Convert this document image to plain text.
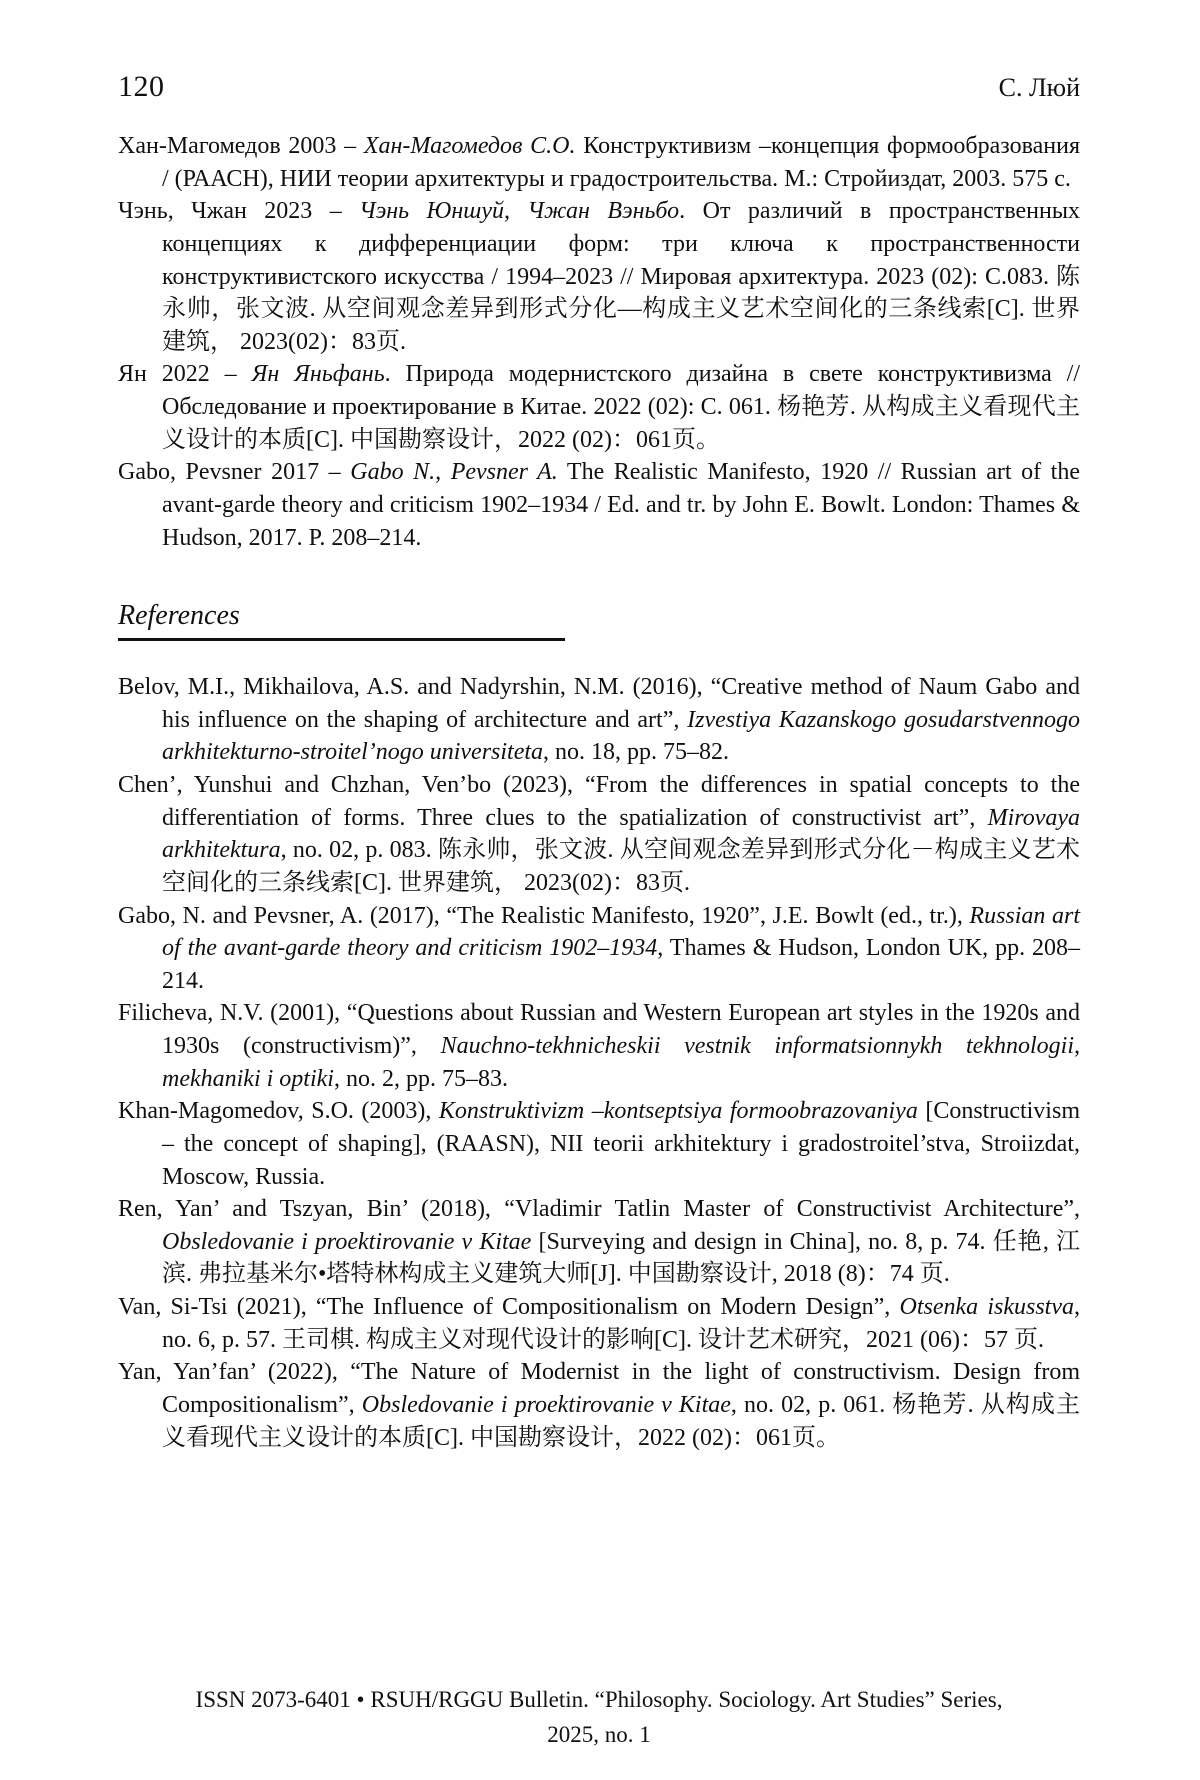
120	С. Люй

Хан-Магомедов 2003 – Хан-Магомедов С.О. Конструктивизм –концепция формообразования / (РААСН), НИИ теории архитектуры и градостроительства. М.: Стройиздат, 2003. 575 с.

Чэнь, Чжан 2023 – Чэнь Юншуй, Чжан Вэньбо. От различий в пространственных концепциях к дифференциации форм: три ключа к пространственности конструктивистского искусства / 1994–2023 // Мировая архитектура. 2023 (02): С.083. 陈永帅，张文波. 从空间观念差异到形式分化—构成主义艺术空间化的三条线索[C]. 世界建筑， 2023(02)：83页.

Ян 2022 – Ян Яньфань. Природа модернистского дизайна в свете конструктивизма // Обследование и проектирование в Китае. 2022 (02): С. 061. 杨艳芳. 从构成主义看现代主义设计的本质[C]. 中国勘察设计，2022 (02)：061页。

Gabo, Pevsner 2017 – Gabo N., Pevsner A. The Realistic Manifesto, 1920 // Russian art of the avant-garde theory and criticism 1902–1934 / Ed. and tr. by John E. Bowlt. London: Thames & Hudson, 2017. P. 208–214.

References

Belov, M.I., Mikhailova, A.S. and Nadyrshin, N.M. (2016), “Creative method of Naum Gabo and his influence on the shaping of architecture and art”, Izvestiya Kazanskogo gosudarstvennogo arkhitekturno-stroitel’nogo universiteta, no. 18, pp. 75–82.

Chen’, Yunshui and Chzhan, Ven’bo (2023), “From the differences in spatial concepts to the differentiation of forms. Three clues to the spatialization of constructivist art”, Mirovaya arkhitektura, no. 02, p. 083. 陈永帅，张文波. 从空间观念差异到形式分化－构成主义艺术空间化的三条线索[C]. 世界建筑， 2023(02)：83页.

Gabo, N. and Pevsner, A. (2017), “The Realistic Manifesto, 1920”, J.E. Bowlt (ed., tr.), Russian art of the avant-garde theory and criticism 1902–1934, Thames & Hudson, London UK, pp. 208–214.

Filicheva, N.V. (2001), “Questions about Russian and Western European art styles in the 1920s and 1930s (constructivism)”, Nauchno-tekhnicheskii vestnik informatsionnykh tekhnologii, mekhaniki i optiki, no. 2, pp. 75–83.

Khan-Magomedov, S.O. (2003), Konstruktivizm –kontseptsiya formoobrazovaniya [Constructivism – the concept of shaping], (RAASN), NII teorii arkhitektury i gradostroitel’stva, Stroiizdat, Moscow, Russia.

Ren, Yan’ and Tszyan, Bin’ (2018), “Vladimir Tatlin Master of Constructivist Architecture”, Obsledovanie i proektirovanie v Kitae [Surveying and design in China], no. 8, p. 74. 任艳, 江滨. 弗拉基米尔•塔特林构成主义建筑大师[J]. 中国勘察设计, 2018 (8)：74 页.

Van, Si-Tsi (2021), “The Influence of Compositionalism on Modern Design”, Otsenka iskusstva, no. 6, p. 57. 王司棋. 构成主义对现代设计的影响[C]. 设计艺术研究，2021 (06)：57 页.

Yan, Yan’fan’ (2022), “The Nature of Modernist in the light of constructivism. Design from Compositionalism”, Obsledovanie i proektirovanie v Kitae, no. 02, p. 061. 杨艳芳. 从构成主义看现代主义设计的本质[C]. 中国勘察设计，2022 (02)：061页。

ISSN 2073-6401 • RSUH/RGGU Bulletin. “Philosophy. Sociology. Art Studies” Series,
2025, no. 1
